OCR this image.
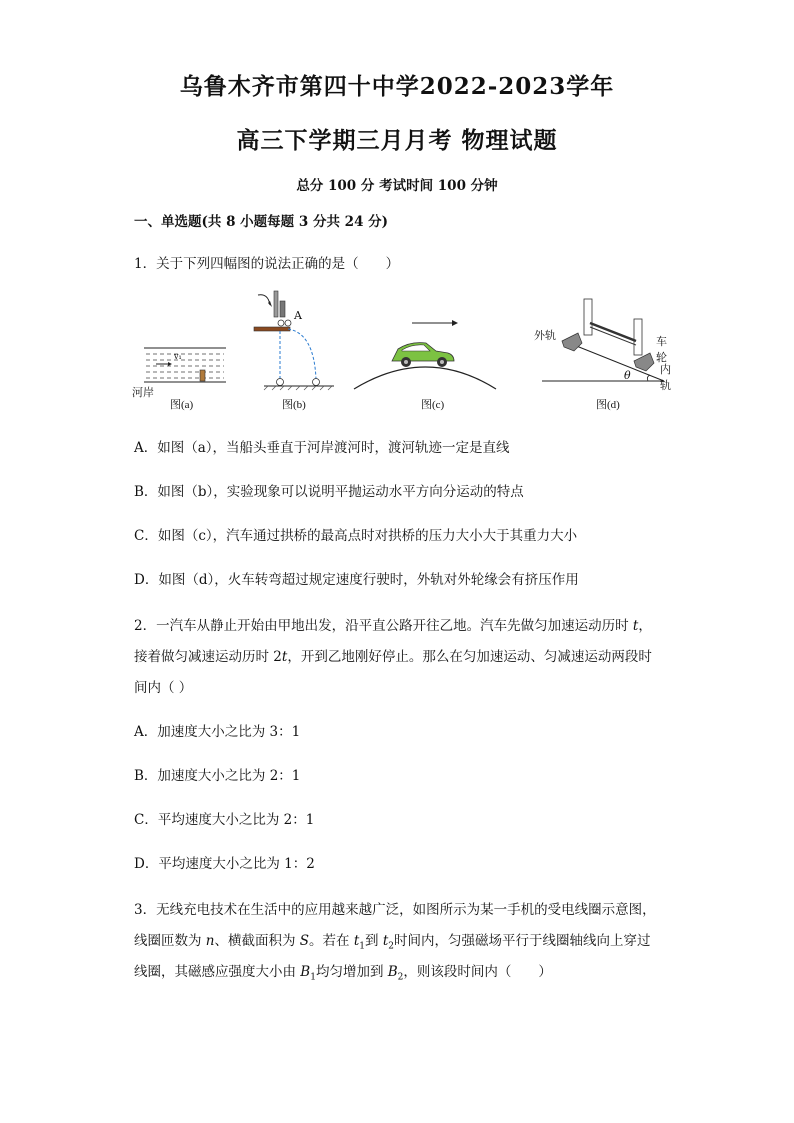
乌鲁木齐市第四十中学2022-2023学年
高三下学期三月月考 物理试题
总分 100 分 考试时间 100 分钟
一、单选题(共 8 小题每题 3 分共 24 分)
1．关于下列四幅图的说法正确的是（　　）
v₁
河岸
图(a)
A
图(b)	图(c)
外轨	车轮
内轨
θ
图(d)
A．如图（a），当船头垂直于河岸渡河时，渡河轨迹一定是直线
B．如图（b），实验现象可以说明平抛运动水平方向分运动的特点
C．如图（c），汽车通过拱桥的最高点时对拱桥的压力大小大于其重力大小
D．如图（d），火车转弯超过规定速度行驶时，外轨对外轮缘会有挤压作用
2．一汽车从静止开始由甲地出发，沿平直公路开往乙地。汽车先做匀加速运动历时 t，
接着做匀减速运动历时 2t，开到乙地刚好停止。那么在匀加速运动、匀减速运动两段时
间内（ ）
A．加速度大小之比为 3：1
B．加速度大小之比为 2：1
C．平均速度大小之比为 2：1
D．平均速度大小之比为 1：2
3．无线充电技术在生活中的应用越来越广泛，如图所示为某一手机的受电线圈示意图，
线圈匝数为 n、横截面积为 S。若在 $t_1$到 $t_2$时间内，匀强磁场平行于线圈轴线向上穿过
线圈，其磁感应强度大小由 $B_1$均匀增加到 $B_2$，则该段时间内（　　）
